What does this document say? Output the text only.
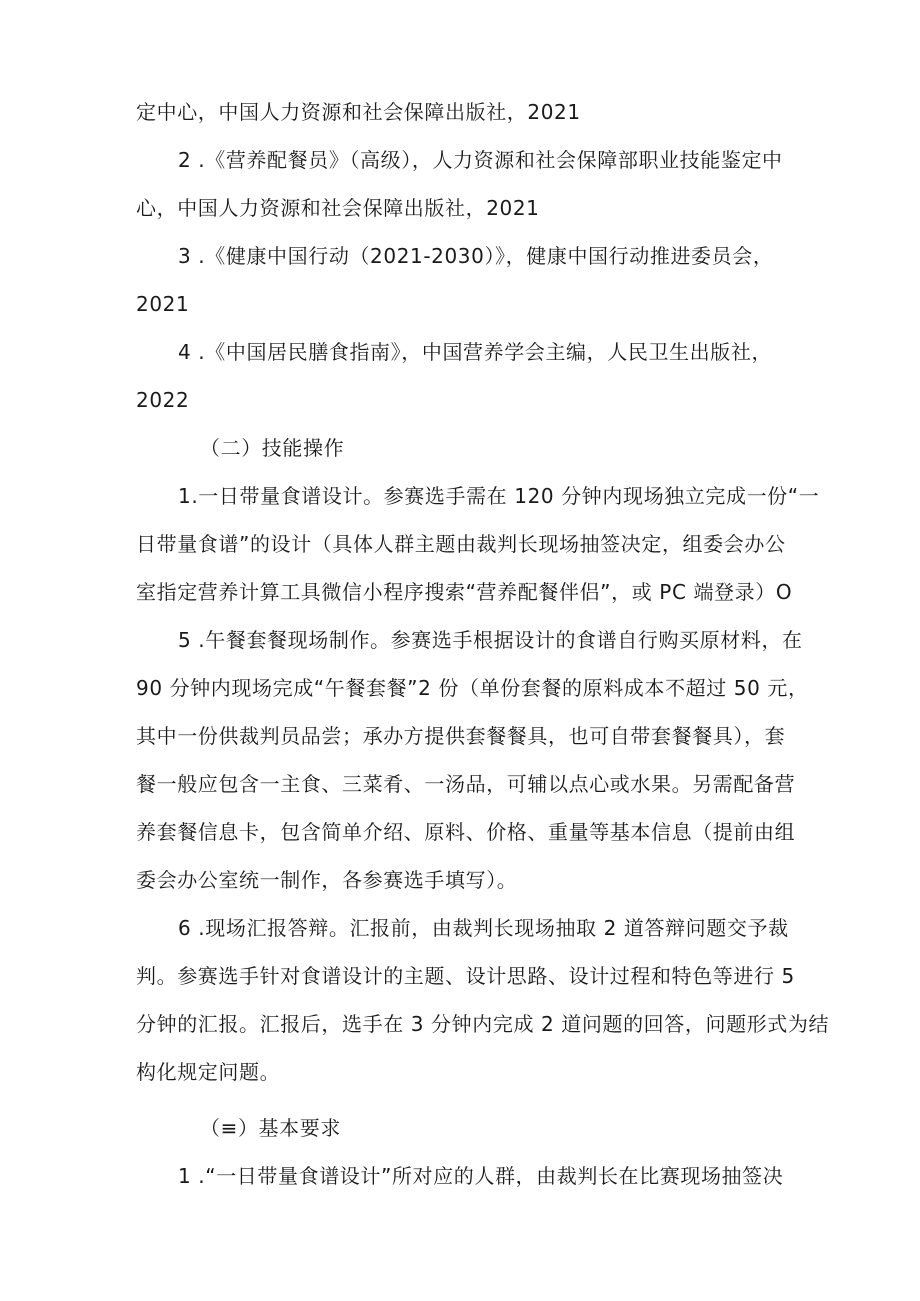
定中心，中国人力资源和社会保障出版社，2021
2 .《营养配餐员》（高级），人力资源和社会保障部职业技能鉴定中
心，中国人力资源和社会保障出版社，2021
3 .《健康中国行动（2021-2030）》，健康中国行动推进委员会，
2021
4 .《中国居民膳食指南》，中国营养学会主编，人民卫生出版社，
2022
（二）技能操作
1.一日带量食谱设计。参赛选手需在 120 分钟内现场独立完成一份“一
日带量食谱”的设计（具体人群主题由裁判长现场抽签决定，组委会办公
室指定营养计算工具微信小程序搜索“营养配餐伴侣”，或 PC 端登录）O
5 .午餐套餐现场制作。参赛选手根据设计的食谱自行购买原材料，在
90 分钟内现场完成“午餐套餐”2 份（单份套餐的原料成本不超过 50 元，
其中一份供裁判员品尝；承办方提供套餐餐具，也可自带套餐餐具），套
餐一般应包含一主食、三菜肴、一汤品，可辅以点心或水果。另需配备营
养套餐信息卡，包含简单介绍、原料、价格、重量等基本信息（提前由组
委会办公室统一制作，各参赛选手填写）。
6 .现场汇报答辩。汇报前，由裁判长现场抽取 2 道答辩问题交予裁
判。参赛选手针对食谱设计的主题、设计思路、设计过程和特色等进行 5
分钟的汇报。汇报后，选手在 3 分钟内完成 2 道问题的回答，问题形式为结
构化规定问题。
（≡）基本要求
1 .“一日带量食谱设计”所对应的人群，由裁判长在比赛现场抽签决
